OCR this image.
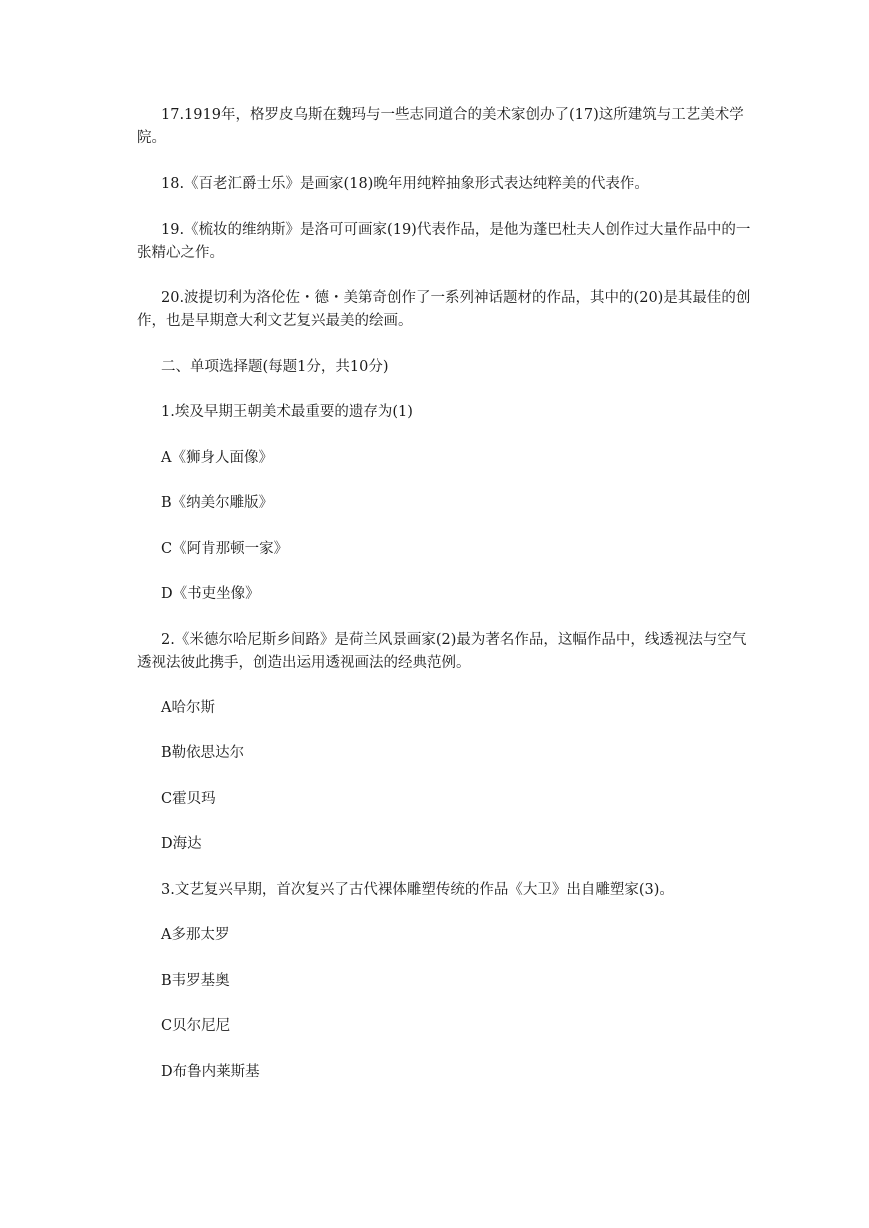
17.1919年，格罗皮乌斯在魏玛与一些志同道合的美术家创办了(17)这所建筑与工艺美术学院。

18.《百老汇爵士乐》是画家(18)晚年用纯粹抽象形式表达纯粹美的代表作。

19.《梳妆的维纳斯》是洛可可画家(19)代表作品，是他为蓬巴杜夫人创作过大量作品中的一张精心之作。

20.波提切利为洛伦佐・德・美第奇创作了一系列神话题材的作品，其中的(20)是其最佳的创作，也是早期意大利文艺复兴最美的绘画。

二、单项选择题(每题1分，共10分)

1.埃及早期王朝美术最重要的遗存为(1)

A《狮身人面像》

B《纳美尔雕版》

C《阿肯那顿一家》

D《书吏坐像》

2.《米德尔哈尼斯乡间路》是荷兰风景画家(2)最为著名作品，这幅作品中，线透视法与空气透视法彼此携手，创造出运用透视画法的经典范例。

A哈尔斯

B勒依思达尔

C霍贝玛

D海达

3.文艺复兴早期，首次复兴了古代裸体雕塑传统的作品《大卫》出自雕塑家(3)。

A多那太罗

B韦罗基奥

C贝尔尼尼

D布鲁内莱斯基
